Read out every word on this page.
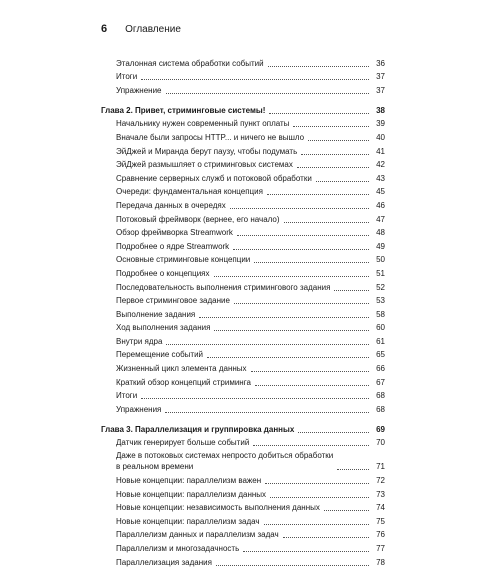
6 Оглавление
Эталонная система обработки событий	36
Итоги	37
Упражнение	37
Глава 2. Привет, стриминговые системы!	38
Начальнику нужен современный пункт оплаты	39
Вначале были запросы HTTP... и ничего не вышло	40
ЭйДжей и Миранда берут паузу, чтобы подумать	41
ЭйДжей размышляет о стриминговых системах	42
Сравнение серверных служб и потоковой обработки	43
Очереди: фундаментальная концепция	45
Передача данных в очередях	46
Потоковый фреймворк (вернее, его начало)	47
Обзор фреймворка Streamwork	48
Подробнее о ядре Streamwork	49
Основные стриминговые концепции	50
Подробнее о концепциях	51
Последовательность выполнения стримингового задания	52
Первое стриминговое задание	53
Выполнение задания	58
Ход выполнения задания	60
Внутри ядра	61
Перемещение событий	65
Жизненный цикл элемента данных	66
Краткий обзор концепций стриминга	67
Итоги	68
Упражнения	68
Глава 3. Параллелизация и группировка данных	69
Датчик генерирует больше событий	70
Даже в потоковых системах непросто добиться обработки
в реальном времени	71
Новые концепции: параллелизм важен	72
Новые концепции: параллелизм данных	73
Новые концепции: независимость выполнения данных	74
Новые концепции: параллелизм задач	75
Параллелизм данных и параллелизм задач	76
Параллелизм и многозадачность	77
Параллелизация задания	78
